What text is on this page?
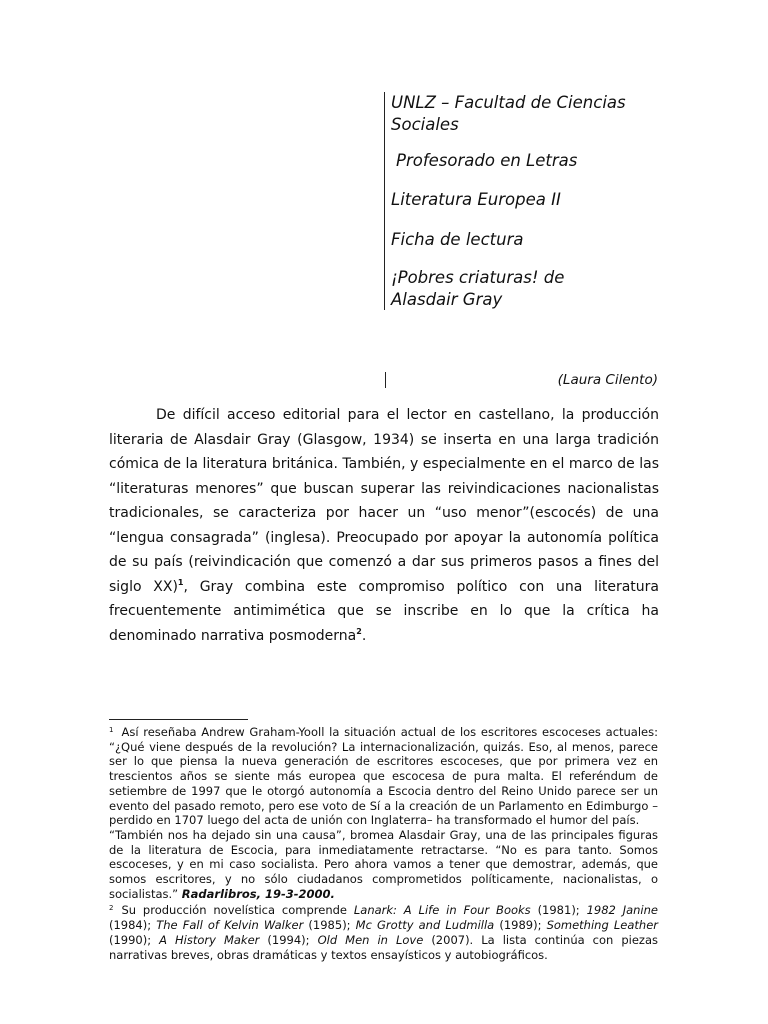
UNLZ – Facultad de Ciencias Sociales

Profesorado en Letras

Literatura Europea II

Ficha de lectura

¡Pobres criaturas! de Alasdair Gray

(Laura Cilento)

De difícil acceso editorial para el lector en castellano, la producción literaria de Alasdair Gray (Glasgow, 1934) se inserta en una larga tradición cómica de la literatura británica. También, y especialmente en el marco de las “literaturas menores” que buscan superar las reivindicaciones nacionalistas tradicionales, se caracteriza por hacer un “uso menor”(escocés) de una “lengua consagrada” (inglesa). Preocupado por apoyar la autonomía política de su país (reivindicación que comenzó a dar sus primeros pasos a fines del siglo XX)$^1$, Gray combina este compromiso político con una literatura frecuentemente antimimética que se inscribe en lo que la crítica ha denominado narrativa posmoderna$^2$.

$^1$ Así reseñaba Andrew Graham-Yooll la situación actual de los escritores escoceses actuales: “¿Qué viene después de la revolución? La internacionalización, quizás. Eso, al menos, parece ser lo que piensa la nueva generación de escritores escoceses, que por primera vez en trescientos años se siente más europea que escocesa de pura malta. El referéndum de setiembre de 1997 que le otorgó autonomía a Escocia dentro del Reino Unido parece ser un evento del pasado remoto, pero ese voto de Sí a la creación de un Parlamento en Edimburgo –perdido en 1707 luego del acta de unión con Inglaterra– ha transformado el humor del país.

“También nos ha dejado sin una causa”, bromea Alasdair Gray, una de las principales figuras de la literatura de Escocia, para inmediatamente retractarse. “No es para tanto. Somos escoceses, y en mi caso socialista. Pero ahora vamos a tener que demostrar, además, que somos escritores, y no sólo ciudadanos comprometidos políticamente, nacionalistas, o socialistas.” Radarlibros, 19-3-2000.

$^2$ Su producción novelística comprende Lanark: A Life in Four Books (1981); 1982 Janine (1984); The Fall of Kelvin Walker (1985); Mc Grotty and Ludmilla (1989); Something Leather (1990); A History Maker (1994); Old Men in Love (2007). La lista continúa con piezas narrativas breves, obras dramáticas y textos ensayísticos y autobiográficos.
